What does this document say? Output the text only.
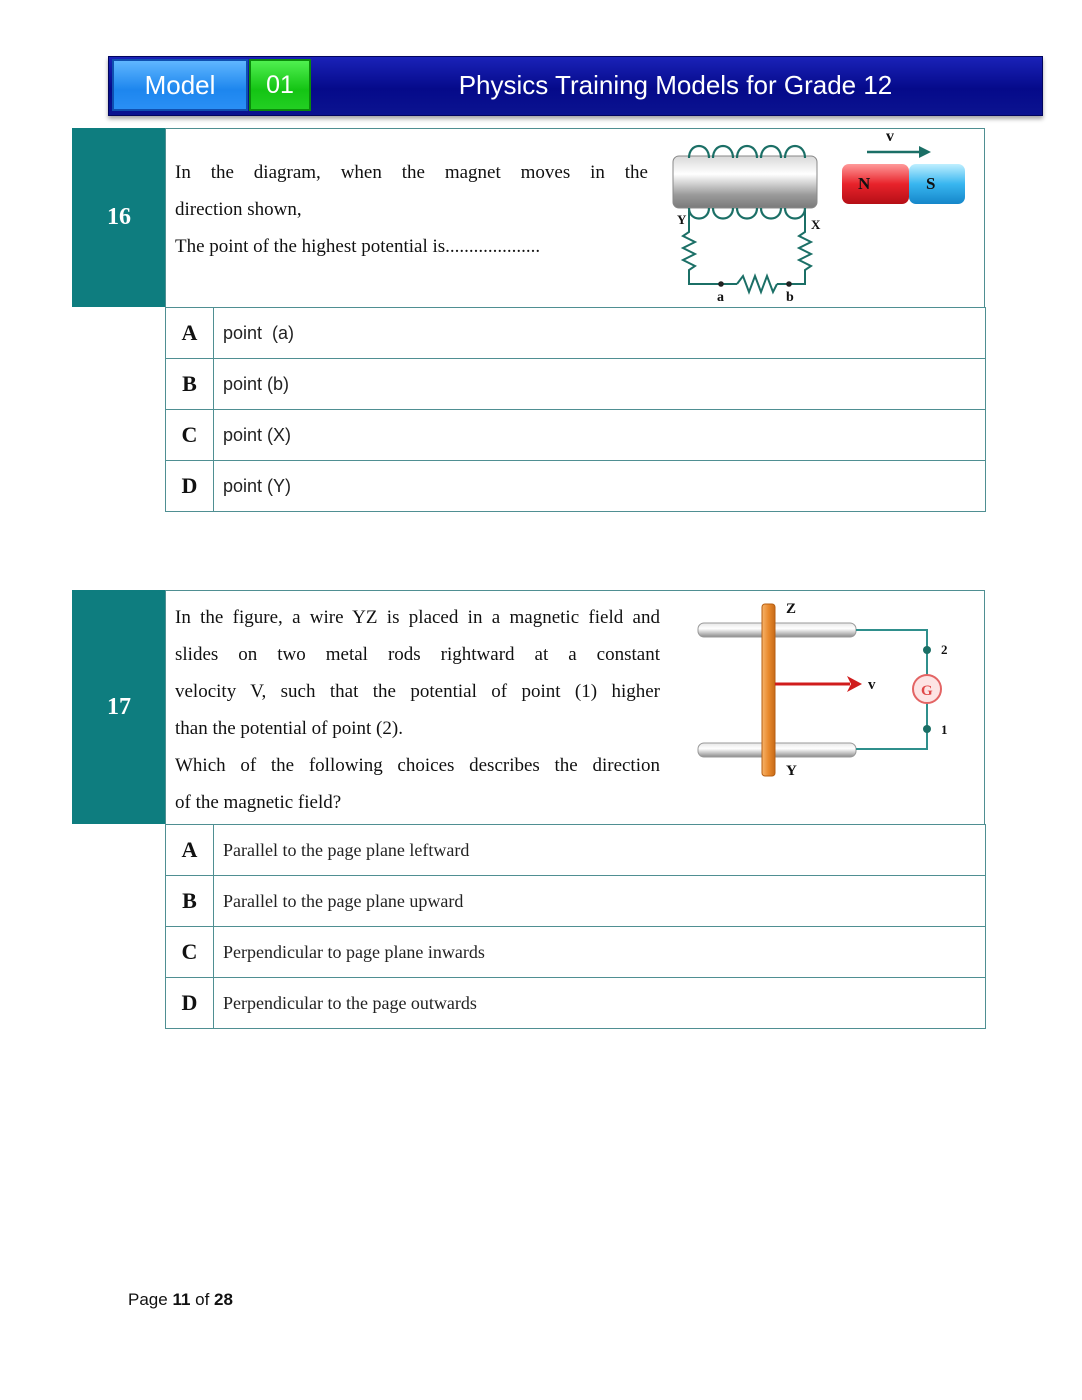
Model	01	Physics Training Models for Grade 12
16

In the diagram, when the magnet moves in the

direction shown,

The point of the highest potential is....................

Y	X
a	b
v
N	S
A	point  (a)
B	point (b)
C	point (X)
D	point (Y)
17

In the figure, a wire YZ is placed in a magnetic field and

slides on two metal rods rightward at a constant

velocity V, such that the potential of point (1) higher

than the potential of point (2).

Which of the following choices describes the direction

of the magnetic field?

G
Z
Y
v
2
1
A	Parallel to the page plane leftward
B	Parallel to the page plane upward
C	Perpendicular to page plane inwards
D	Perpendicular to the page outwards
Page 11 of 28
